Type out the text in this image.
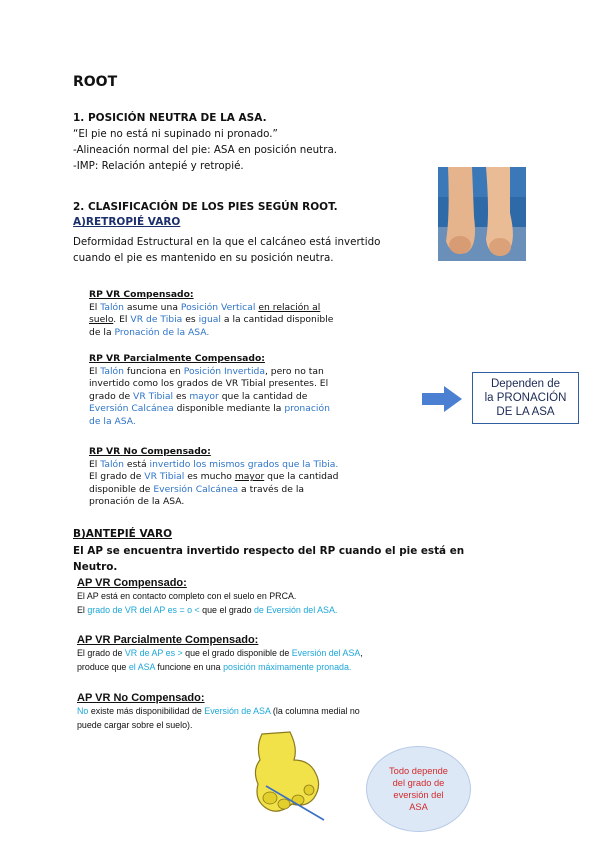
ROOT
1. POSICIÓN NEUTRA DE LA ASA.
“El pie no está ni supinado ni pronado.”
-Alineación normal del pie: ASA en posición neutra.
-IMP: Relación antepié y retropié.
2. CLASIFICACIÓN DE LOS PIES SEGÚN ROOT.
A)RETROPIÉ VARO
Deformidad Estructural en la que el calcáneo está invertido
cuando el pie es mantenido en su posición neutra.
RP VR Compensado:
El Talón asume una Posición Vertical en relación al
suelo. El VR de Tibia es igual a la cantidad disponible
de la Pronación de la ASA.
RP VR Parcialmente Compensado:
El Talón funciona en Posición Invertida, pero no tan
invertido como los grados de VR Tibial presentes. El
grado de VR Tibial es mayor que la cantidad de
Eversión Calcánea disponible mediante la pronación
de la ASA.
Dependen de
la PRONACIÓN
DE LA ASA
RP VR No Compensado:
El Talón está invertido los mismos grados que la Tibia.
El grado de VR Tibial es mucho mayor que la cantidad
disponible de Eversión Calcánea a través de la
pronación de la ASA.
B)ANTEPIÉ VARO
El AP se encuentra invertido respecto del RP cuando el pie está en
Neutro.
AP VR Compensado:
El AP está en contacto completo con el suelo en PRCA.
El grado de VR del AP es = o < que el grado de Eversión del ASA.
AP VR Parcialmente Compensado:
El grado de VR de AP es > que el grado disponible de Eversión del ASA,
produce que el ASA funcione en una posición máximamente pronada.
AP VR No Compensado:
No existe más disponibilidad de Eversión de ASA (la columna medial no
puede cargar sobre el suelo).
Todo depende
del grado de
eversión del
ASA
